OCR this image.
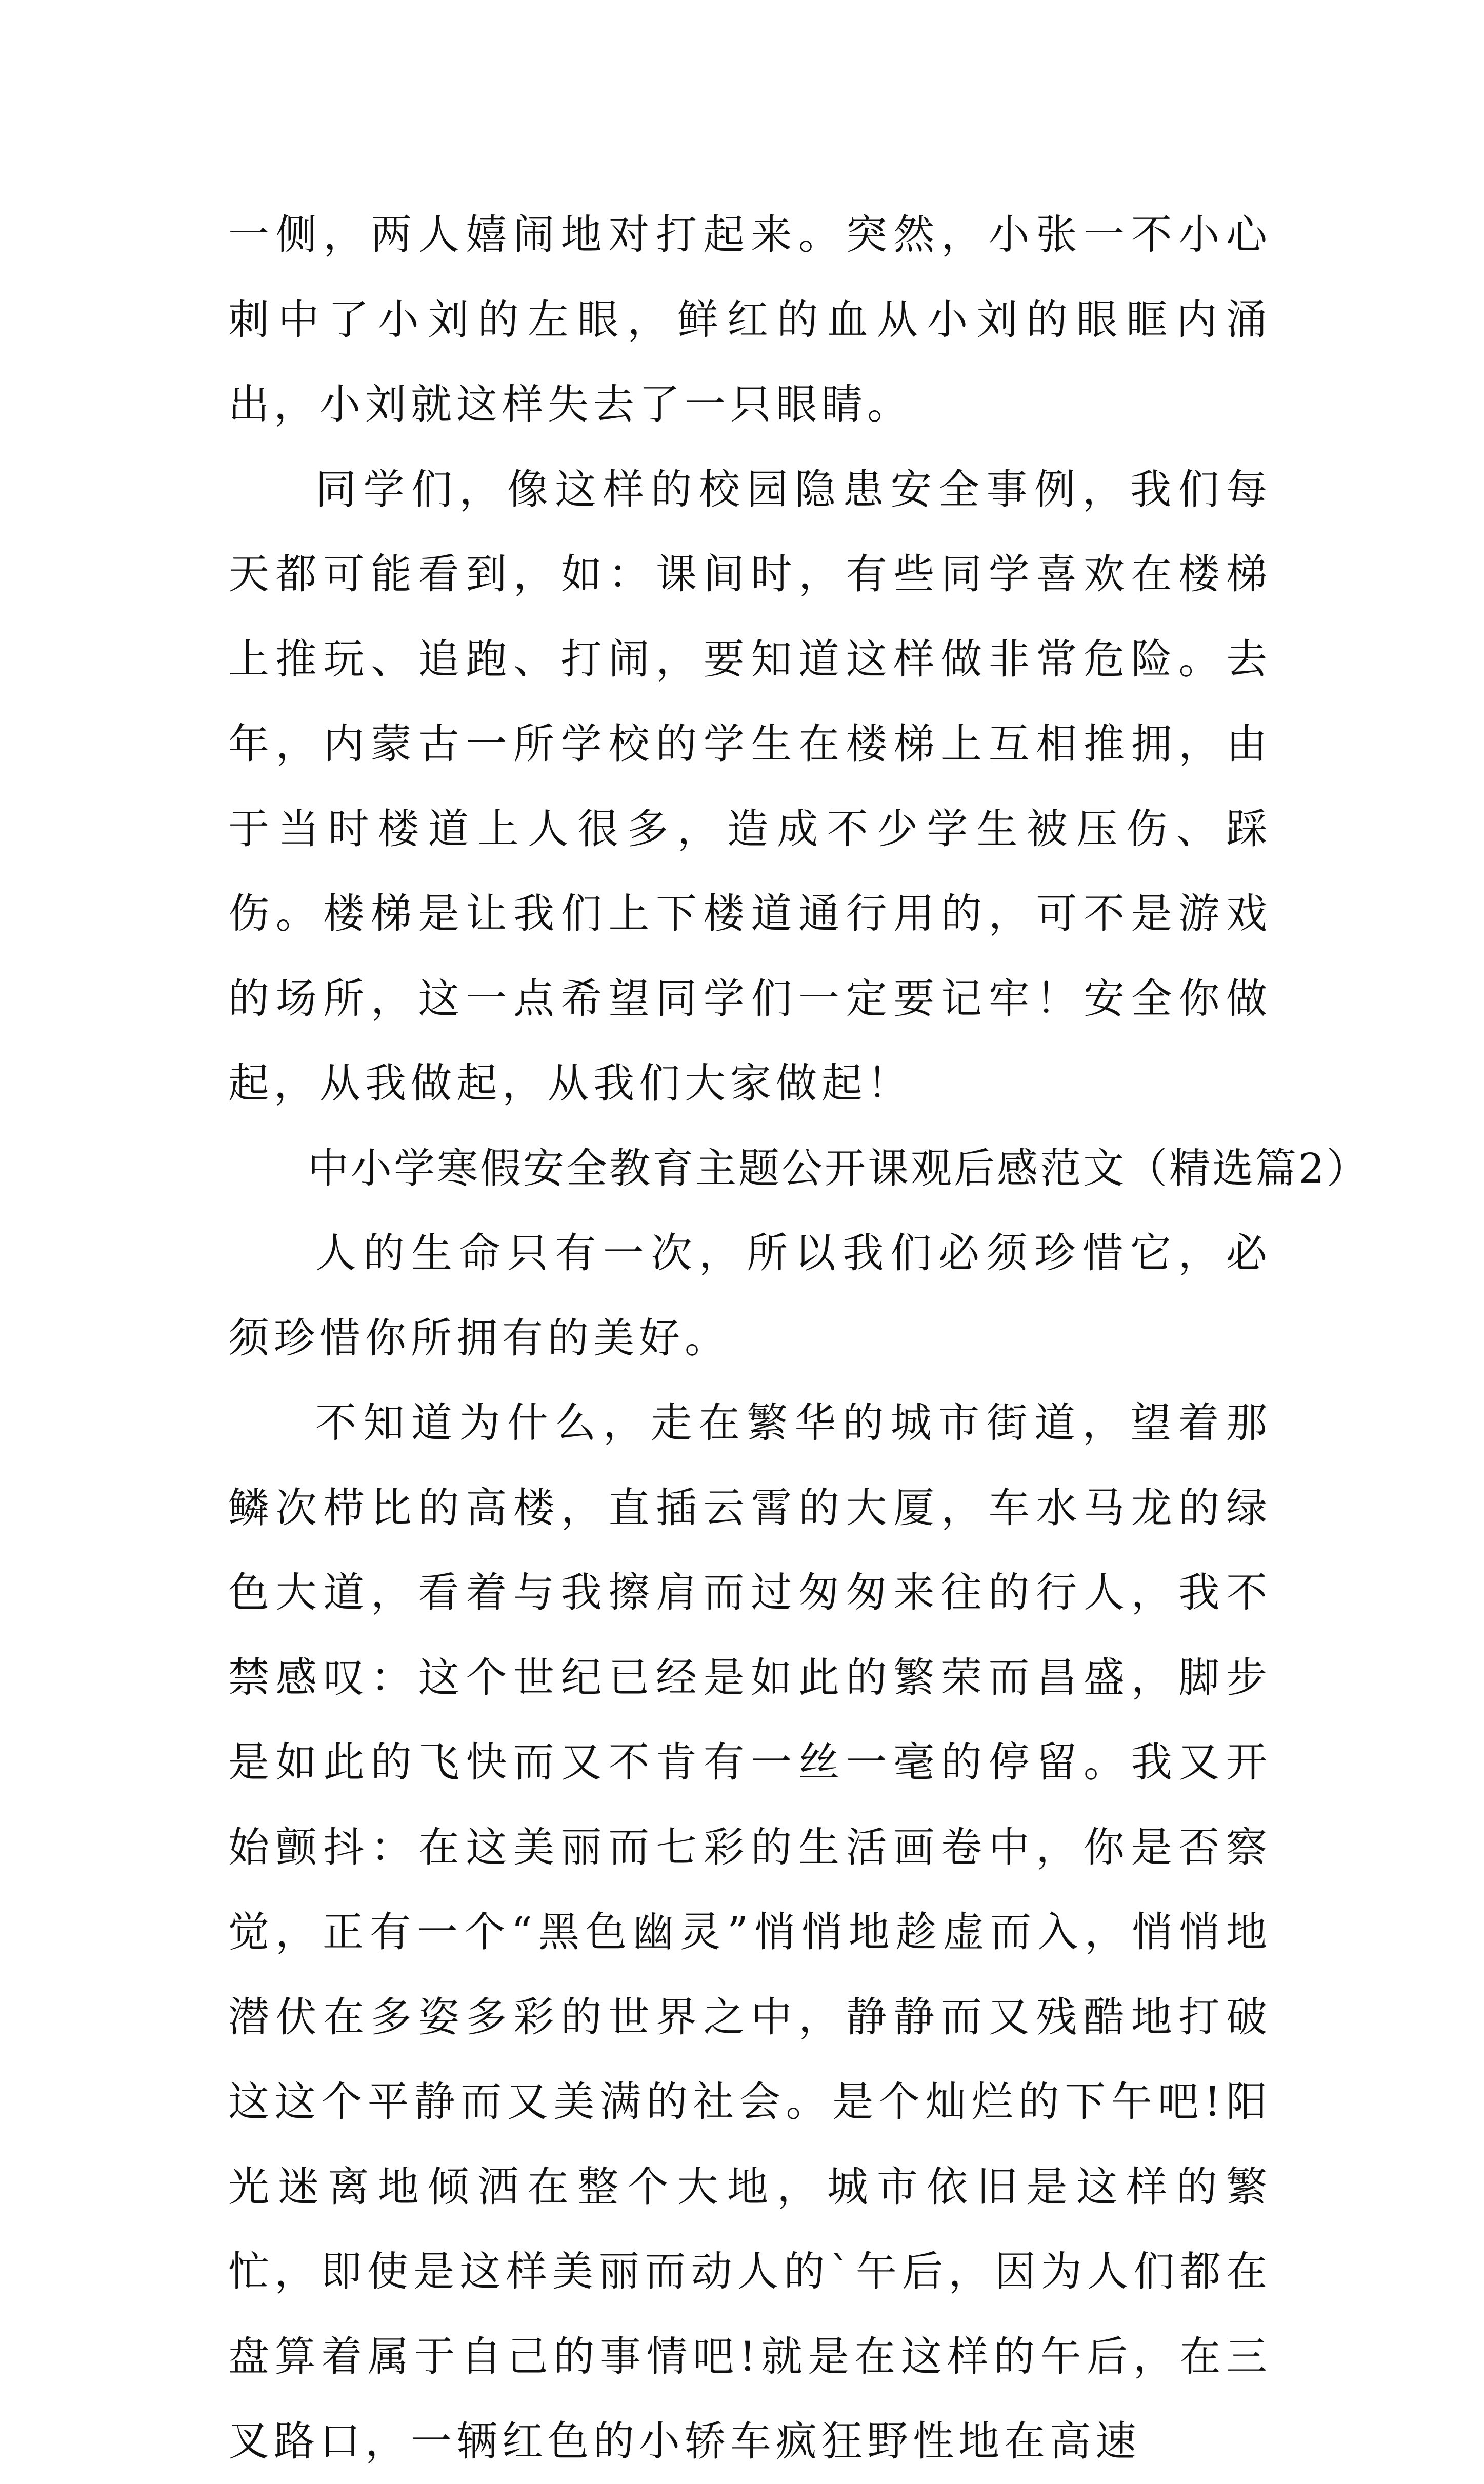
一侧，两人嬉闹地对打起来。突然，小张一不小心刺中了小刘的左眼，鲜红的血从小刘的眼眶内涌出，小刘就这样失去了一只眼睛。

同学们，像这样的校园隐患安全事例，我们每天都可能看到，如：课间时，有些同学喜欢在楼梯上推玩、追跑、打闹，要知道这样做非常危险。去年，内蒙古一所学校的学生在楼梯上互相推拥，由于当时楼道上人很多，造成不少学生被压伤、踩伤。楼梯是让我们上下楼道通行用的，可不是游戏的场所，这一点希望同学们一定要记牢！安全你做起，从我做起，从我们大家做起！

中小学寒假安全教育主题公开课观后感范文（精选篇2）

人的生命只有一次，所以我们必须珍惜它，必须珍惜你所拥有的美好。

不知道为什么，走在繁华的城市街道，望着那鳞次栉比的高楼，直插云霄的大厦，车水马龙的绿色大道，看着与我擦肩而过匆匆来往的行人，我不禁感叹：这个世纪已经是如此的繁荣而昌盛，脚步是如此的飞快而又不肯有一丝一毫的停留。我又开始颤抖：在这美丽而七彩的生活画卷中，你是否察觉，正有一个“黑色幽灵”悄悄地趁虚而入，悄悄地潜伏在多姿多彩的世界之中，静静而又残酷地打破这这个平静而又美满的社会。是个灿烂的下午吧!阳光迷离地倾洒在整个大地，城市依旧是这样的繁忙，即使是这样美丽而动人的`午后，因为人们都在盘算着属于自己的事情吧!就是在这样的午后，在三叉路口，一辆红色的小轿车疯狂野性地在高速
